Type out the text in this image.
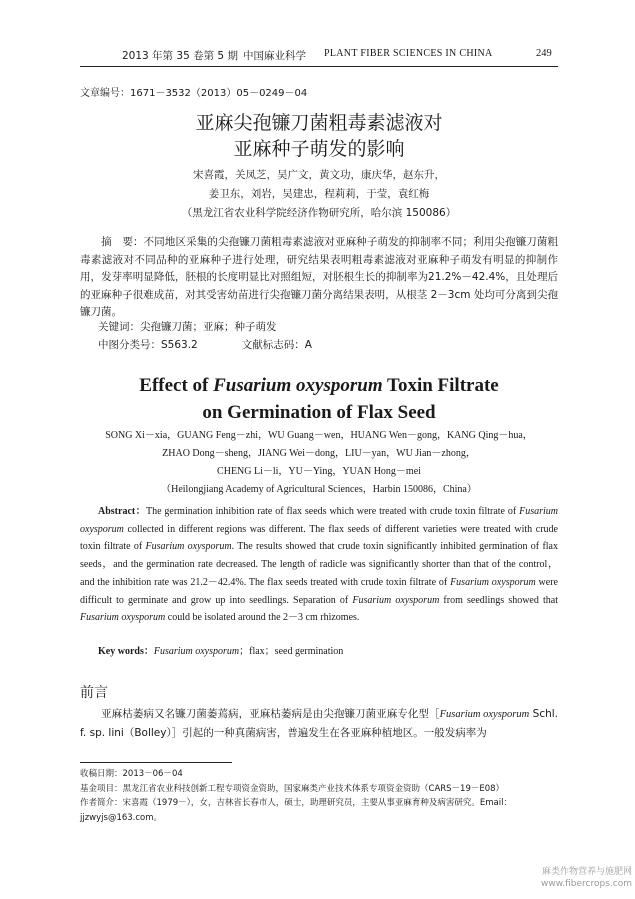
2013 年第 35 卷第 5 期 中国麻业科学 PLANT FIBER SCIENCES IN CHINA	249
文章编号：1671－3532（2013）05－0249－04
亚麻尖孢镰刀菌粗毒素滤液对
亚麻种子萌发的影响
宋喜霞，关凤芝，吴广文，黄文功，康庆华，赵东升，
姜卫东，刘岩，吴建忠，程莉莉，于莹，袁红梅
（黑龙江省农业科学院经济作物研究所，哈尔滨 150086）
摘　要：不同地区采集的尖孢镰刀菌粗毒素滤液对亚麻种子萌发的抑制率不同；利用尖孢镰刀菌粗毒素滤液对不同品种的亚麻种子进行处理，研究结果表明粗毒素滤液对亚麻种子萌发有明显的抑制作用，发芽率明显降低，胚根的长度明显比对照组短，对胚根生长的抑制率为21.2%－42.4%，且处理后的亚麻种子很难成苗，对其受害幼苗进行尖孢镰刀菌分离结果表明，从根茎 2－3cm 处均可分离到尖孢镰刀菌。
关键词：尖孢镰刀菌；亚麻；种子萌发
中图分类号：S563.2	文献标志码：A
Effect of Fusarium oxysporum Toxin Filtrate
on Germination of Flax Seed
SONG Xi－xia，GUANG Feng－zhi，WU Guang－wen，HUANG Wen－gong，KANG Qing－hua，
ZHAO Dong－sheng，JIANG Wei－dong，LIU－yan，WU Jian－zhong，
CHENG Li－li，YU－Ying，YUAN Hong－mei
（Heilongjiang Academy of Agricultural Sciences，Harbin 150086，China）
Abstract：The germination inhibition rate of flax seeds which were treated with crude toxin filtrate of Fusarium oxysporum collected in different regions was different. The flax seeds of different varieties were treated with crude toxin filtrate of Fusarium oxysporum. The results showed that crude toxin significantly inhibited germination of flax seeds，and the germination rate decreased. The length of radicle was significantly shorter than that of the control，and the inhibition rate was 21.2－42.4%. The flax seeds treated with crude toxin filtrate of Fusarium oxysporum were difficult to germinate and grow up into seedlings. Separation of Fusarium oxysporum from seedlings showed that Fusarium oxysporum could be isolated around the 2－3 cm rhizomes.
Key words：Fusarium oxysporum；flax；seed germination
前言
亚麻枯萎病又名镰刀菌萎蔫病，亚麻枯萎病是由尖孢镰刀菌亚麻专化型［Fusarium oxysporum Schl. f. sp. lini（Bolley）］引起的一种真菌病害，普遍发生在各亚麻种植地区。一般发病率为
收稿日期：2013－06－04
基金项目：黑龙江省农业科技创新工程专项资金资助，国家麻类产业技术体系专项资金资助（CARS－19－E08）
作者简介：宋喜霞（1979－），女，吉林省长春市人，硕士，助理研究员，主要从事亚麻育种及病害研究。Email：jjzwyjs@163.com。
麻类作物营养与施肥网
www.fibercrops.com
